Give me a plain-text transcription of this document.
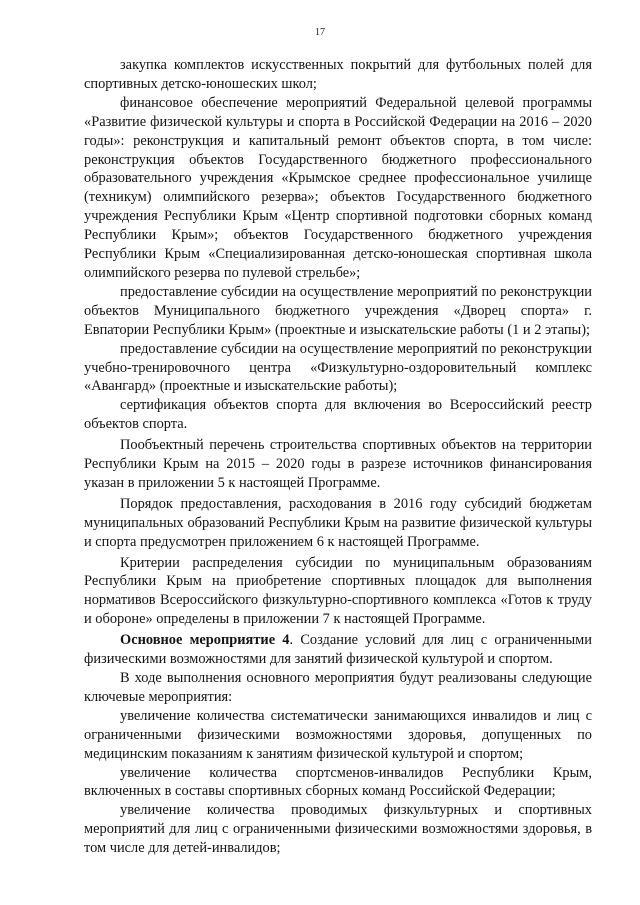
17

закупка комплектов искусственных покрытий для футбольных полей для спортивных детско-юношеских школ;

финансовое обеспечение мероприятий Федеральной целевой программы «Развитие физической культуры и спорта в Российской Федерации на 2016 – 2020 годы»: реконструкция и капитальный ремонт объектов спорта, в том числе: реконструкция объектов Государственного бюджетного профессионального образовательного учреждения «Крымское среднее профессиональное училище (техникум) олимпийского резерва»; объектов Государственного бюджетного учреждения Республики Крым «Центр спортивной подготовки сборных команд Республики Крым»; объектов Государственного бюджетного учреждения Республики Крым «Специализированная детско-юношеская спортивная школа олимпийского резерва по пулевой стрельбе»;

предоставление субсидии на осуществление мероприятий по реконструкции объектов Муниципального бюджетного учреждения «Дворец спорта» г. Евпатории Республики Крым» (проектные и изыскательские работы (1 и 2 этапы);

предоставление субсидии на осуществление мероприятий по реконструкции учебно-тренировочного центра «Физкультурно-оздоровительный комплекс «Авангард» (проектные и изыскательские работы);

сертификация объектов спорта для включения во Всероссийский реестр объектов спорта.

Пообъектный перечень строительства спортивных объектов на территории Республики Крым на 2015 – 2020 годы в разрезе источников финансирования указан в приложении 5 к настоящей Программе.

Порядок предоставления, расходования в 2016 году субсидий бюджетам муниципальных образований Республики Крым на развитие физической культуры и спорта предусмотрен приложением 6 к настоящей Программе.

Критерии распределения субсидии по муниципальным образованиям Республики Крым на приобретение спортивных площадок для выполнения нормативов Всероссийского физкультурно-спортивного комплекса «Готов к труду и обороне» определены в приложении 7 к настоящей Программе.

Основное мероприятие 4. Создание условий для лиц с ограниченными физическими возможностями для занятий физической культурой и спортом.

В ходе выполнения основного мероприятия будут реализованы следующие ключевые мероприятия:

увеличение количества систематически занимающихся инвалидов и лиц с ограниченными физическими возможностями здоровья, допущенных по медицинским показаниям к занятиям физической культурой и спортом;

увеличение количества спортсменов-инвалидов Республики Крым, включенных в составы спортивных сборных команд Российской Федерации;

увеличение количества проводимых физкультурных и спортивных мероприятий для лиц с ограниченными физическими возможностями здоровья, в том числе для детей-инвалидов;
